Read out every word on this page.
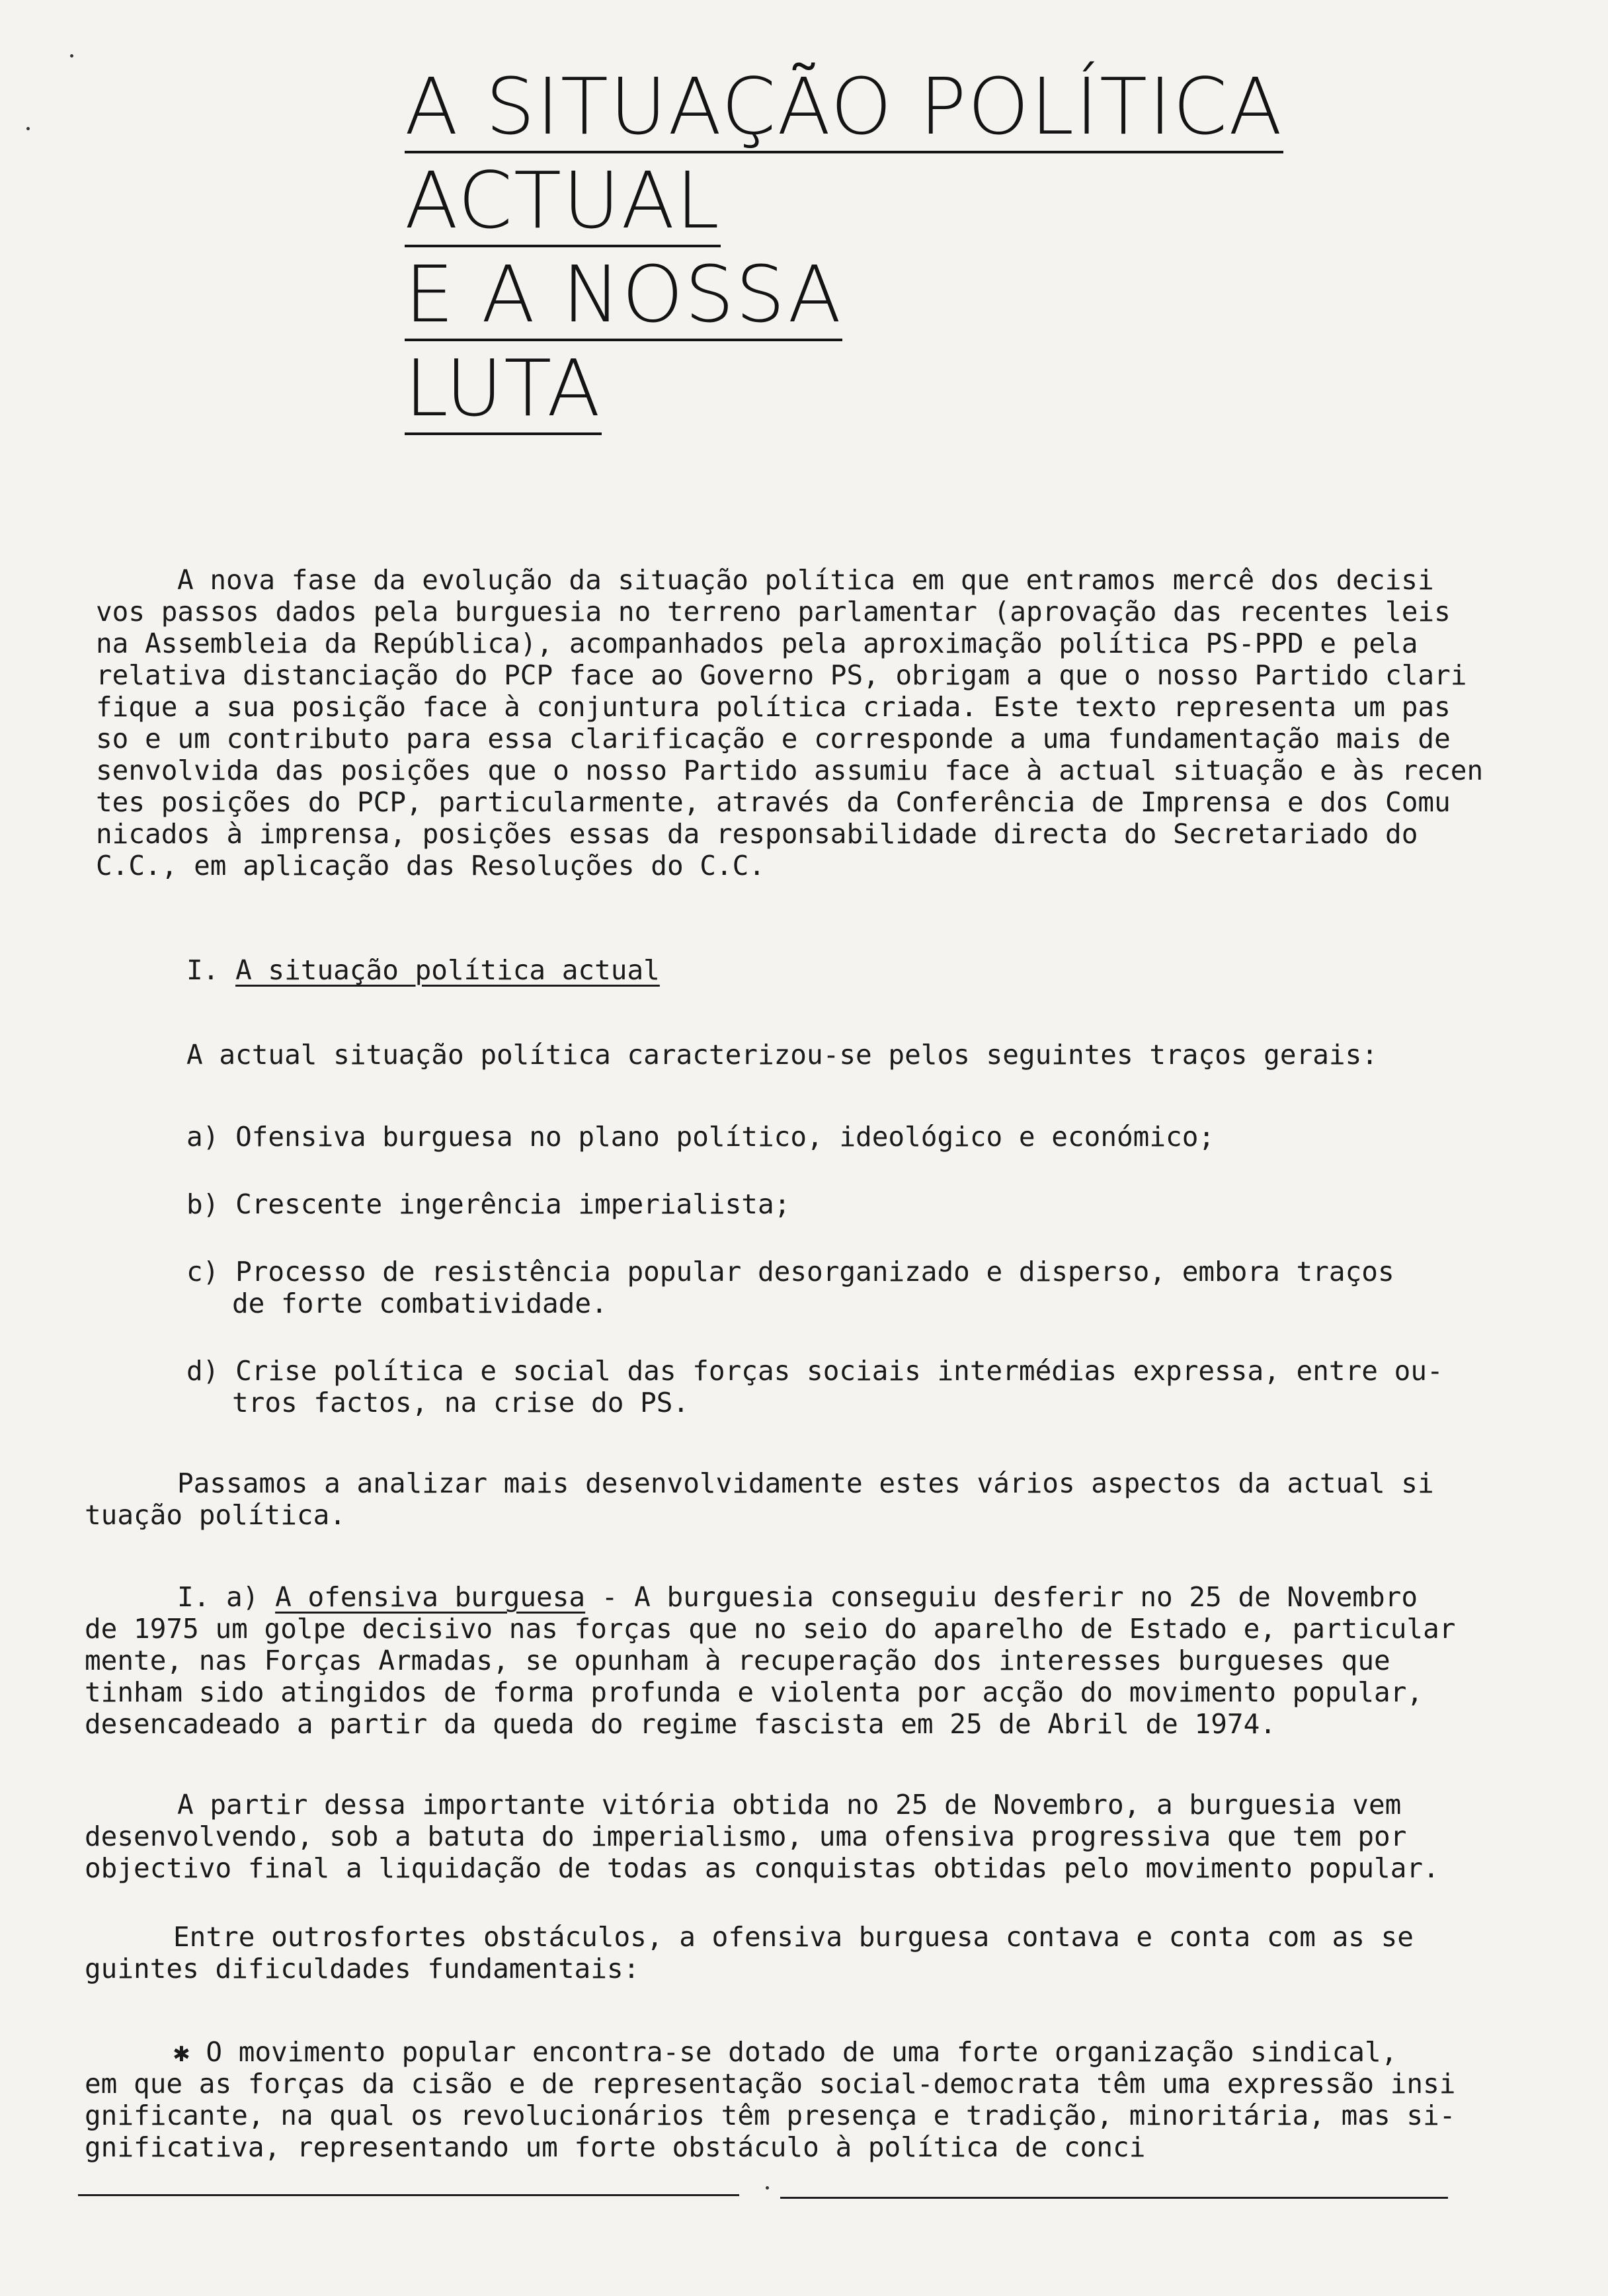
A SITUAÇÃO POLÍTICA
ACTUAL
E A NOSSA
LUTA

A nova fase da evolução da situação política em que entramos mercê dos decisi

vos passos dados pela burguesia no terreno parlamentar (aprovação das recentes leis

na Assembleia da República), acompanhados pela aproximação política PS-PPD e pela

relativa distanciação do PCP face ao Governo PS, obrigam a que o nosso Partido clari

fique a sua posição face à conjuntura política criada. Este texto representa um pas

so e um contributo para essa clarificação e corresponde a uma fundamentação mais de

senvolvida das posições que o nosso Partido assumiu face à actual situação e às recen

tes posições do PCP, particularmente, através da Conferência de Imprensa e dos Comu

nicados à imprensa, posições essas da responsabilidade directa do Secretariado do

C.C., em aplicação das Resoluções do C.C.

I. A situação política actual

A actual situação política caracterizou-se pelos seguintes traços gerais:

a) Ofensiva burguesa no plano político, ideológico e económico;

b) Crescente ingerência imperialista;

c) Processo de resistência popular desorganizado e disperso, embora traços

de forte combatividade.

d) Crise política e social das forças sociais intermédias expressa, entre ou-

tros factos, na crise do PS.

Passamos a analizar mais desenvolvidamente estes vários aspectos da actual si

tuação política.

I. a) A ofensiva burguesa - A burguesia conseguiu desferir no 25 de Novembro

de 1975 um golpe decisivo nas forças que no seio do aparelho de Estado e, particular

mente, nas Forças Armadas, se opunham à recuperação dos interesses burgueses que

tinham sido atingidos de forma profunda e violenta por acção do movimento popular,

desencadeado a partir da queda do regime fascista em 25 de Abril de 1974.

A partir dessa importante vitória obtida no 25 de Novembro, a burguesia vem

desenvolvendo, sob a batuta do imperialismo, uma ofensiva progressiva que tem por

objectivo final a liquidação de todas as conquistas obtidas pelo movimento popular.

Entre outrosfortes obstáculos, a ofensiva burguesa contava e conta com as se

guintes dificuldades fundamentais:

✱ O movimento popular encontra-se dotado de uma forte organização sindical,

em que as forças da cisão e de representação social-democrata têm uma expressão insi

gnificante, na qual os revolucionários têm presença e tradição, minoritária, mas si-

gnificativa, representando um forte obstáculo à política de conci
